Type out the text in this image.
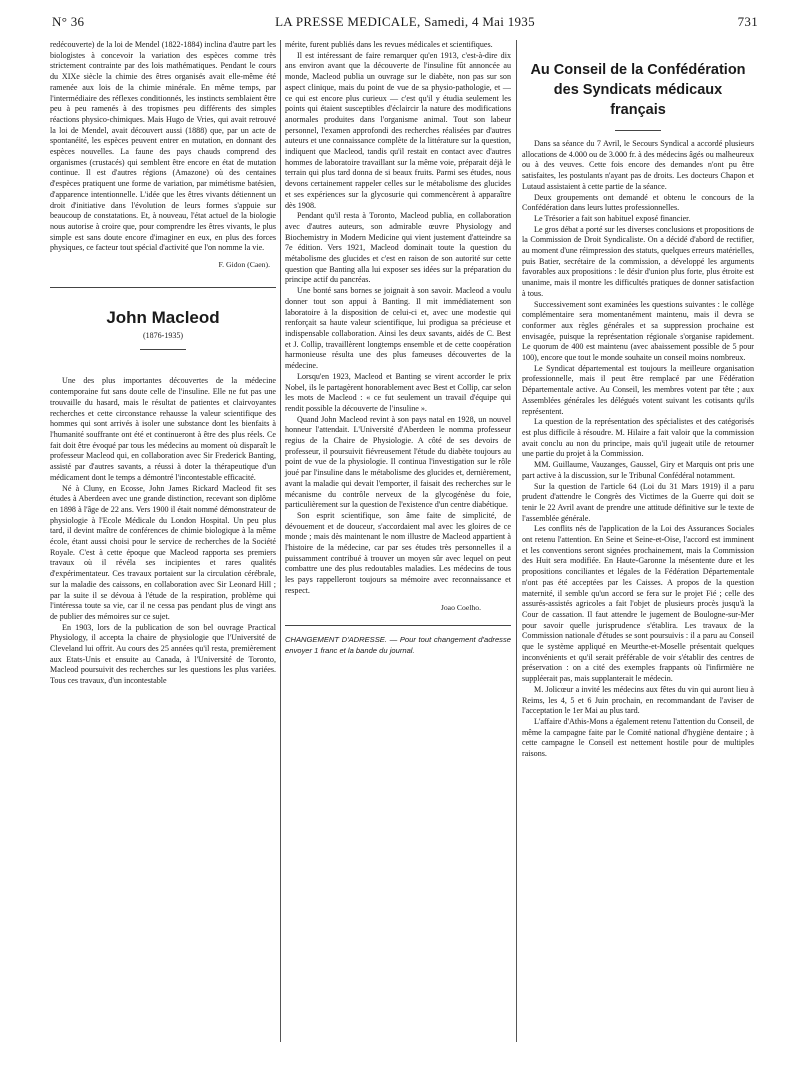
N° 36	LA PRESSE MEDICALE, Samedi, 4 Mai 1935	731

redécouverte) de la loi de Mendel (1822-1884) inclina d'autre part les biologistes à concevoir la variation des espèces comme très strictement contrainte par des lois mathématiques. Pendant le cours du XIXe siècle la chimie des êtres organisés avait elle-même été ramenée aux lois de la chimie minérale. En même temps, par l'intermédiaire des réflexes conditionnés, les instincts semblaient être peu à peu ramenés à des tropismes peu différents des simples réactions physico-chimiques. Mais Hugo de Vries, qui avait retrouvé la loi de Mendel, avait découvert aussi (1888) que, par un acte de spontanéité, les espèces peuvent entrer en mutation, en donnant des espèces nouvelles. La faune des pays chauds comprend des organismes (crustacés) qui semblent être encore en état de mutation continue. Il est d'autres régions (Amazone) où des centaines d'espèces pratiquent une forme de variation, par mimétisme batésien, d'apparence intentionnelle. L'idée que les êtres vivants détiennent un droit d'initiative dans l'évolution de leurs formes s'appuie sur beaucoup de constatations. Et, à nouveau, l'état actuel de la biologie nous autorise à croire que, pour comprendre les êtres vivants, le plus simple est sans doute encore d'imaginer en eux, en plus des forces physiques, ce facteur tout spécial d'activité que l'on nomme la vie.

F. Gidon (Caen).
John Macleod
(1876-1935)

Une des plus importantes découvertes de la médecine contemporaine fut sans doute celle de l'insuline. Elle ne fut pas une trouvaille du hasard, mais le résultat de patientes et clairvoyantes recherches et cette circonstance rehausse la valeur scientifique des hommes qui sont arrivés à isoler une substance dont les bienfaits à l'humanité souffrante ont été et continueront à être des plus réels. Ce fait doit être évoqué par tous les médecins au moment où disparaît le professeur Macleod qui, en collaboration avec Sir Frederick Banting, assisté par d'autres savants, a réussi à doter la thérapeutique d'un médicament dont le temps a démontré l'incontestable efficacité.

Né à Cluny, en Ecosse, John James Rickard Macleod fit ses études à Aberdeen avec une grande distinction, recevant son diplôme en 1898 à l'âge de 22 ans. Vers 1900 il était nommé démonstrateur de physiologie à l'Ecole Médicale du London Hospital. Un peu plus tard, il devint maître de conférences de chimie biologique à la même école, étant aussi choisi pour le service de recherches de la Société Royale. C'est à cette époque que Macleod rapporta ses premiers travaux où il révéla ses incipientes et rares qualités d'expérimentateur. Ces travaux portaient sur la circulation cérébrale, sur la maladie des caissons, en collaboration avec Sir Leonard Hill ; par la suite il se dévoua à l'étude de la respiration, problème qui l'intéressa toute sa vie, car il ne cessa pas pendant plus de vingt ans de publier des mémoires sur ce sujet.

En 1903, lors de la publication de son bel ouvrage Practical Physiology, il accepta la chaire de physiologie que l'Université de Cleveland lui offrit. Au cours des 25 années qu'il resta, premièrement aux Etats-Unis et ensuite au Canada, à l'Université de Toronto, Macleod poursuivit des recherches sur les questions les plus variées. Tous ces travaux, d'un incontestable

mérite, furent publiés dans les revues médicales et scientifiques.

Il est intéressant de faire remarquer qu'en 1913, c'est-à-dire dix ans environ avant que la découverte de l'insuline fût annoncée au monde, Macleod publia un ouvrage sur le diabète, non pas sur son aspect clinique, mais du point de vue de sa physio-pathologie, et — ce qui est encore plus curieux — c'est qu'il y étudia seulement les points qui étaient susceptibles d'éclaircir la nature des modifications anormales produites dans l'organisme animal. Tout son labeur personnel, l'examen approfondi des recherches réalisées par d'autres auteurs et une connaissance complète de la littérature sur la question, indiquent que Macleod, tandis qu'il restait en contact avec d'autres hommes de laboratoire travaillant sur la même voie, préparait déjà le terrain qui plus tard donna de si beaux fruits. Parmi ses études, nous devons certainement rappeler celles sur le métabolisme des glucides et ses expériences sur la glycosurie qui commencèrent à apparaître dès 1908.

Pendant qu'il resta à Toronto, Macleod publia, en collaboration avec d'autres auteurs, son admirable œuvre Physiology and Biochemistry in Modern Medicine qui vient justement d'atteindre sa 7e édition. Vers 1921, Macleod dominait toute la question du métabolisme des glucides et c'est en raison de son autorité sur cette question que Banting alla lui exposer ses idées sur la préparation du principe actif du pancréas.

Une bonté sans bornes se joignait à son savoir. Macleod a voulu donner tout son appui à Banting. Il mit immédiatement son laboratoire à la disposition de celui-ci et, avec une modestie qui renforçait sa haute valeur scientifique, lui prodigua sa précieuse et indispensable collaboration. Ainsi les deux savants, aidés de C. Best et J. Collip, travaillèrent longtemps ensemble et de cette coopération harmonieuse résulta une des plus fameuses découvertes de la médecine.

Lorsqu'en 1923, Macleod et Banting se virent accorder le prix Nobel, ils le partagèrent honorablement avec Best et Collip, car selon les mots de Macleod : « ce fut seulement un travail d'équipe qui rendit possible la découverte de l'insuline ».

Quand John Macleod revint à son pays natal en 1928, un nouvel honneur l'attendait. L'Université d'Aberdeen le nomma professeur regius de la Chaire de Physiologie. A côté de ses devoirs de professeur, il poursuivit fiévreusement l'étude du diabète toujours au point de vue de la physiologie. Il continua l'investigation sur le rôle joué par l'insuline dans le métabolisme des glucides et, dernièrement, avant la maladie qui devait l'emporter, il faisait des recherches sur le mécanisme du contrôle nerveux de la glycogénèse du foie, particulièrement sur la question de l'existence d'un centre diabétique.

Son esprit scientifique, son âme faite de simplicité, de dévouement et de douceur, s'accordaient mal avec les gloires de ce monde ; mais dès maintenant le nom illustre de Macleod appartient à l'histoire de la médecine, car par ses études très personnelles il a puissamment contribué à trouver un moyen sûr avec lequel on peut combattre une des plus redoutables maladies. Les médecins de tous les pays rappelleront toujours sa mémoire avec reconnaissance et respect.

Joao Coelho.
CHANGEMENT D'ADRESSE. — Pour tout changement d'adresse envoyer 1 franc et la bande du journal.
Au Conseil de la Confédération des Syndicats médicaux français

Dans sa séance du 7 Avril, le Secours Syndical a accordé plusieurs allocations de 4.000 ou de 3.000 fr. à des médecins âgés ou malheureux ou à des veuves. Cette fois encore des demandes n'ont pu être satisfaites, les postulants n'ayant pas de droits. Les docteurs Chapon et Lutaud assistaient à cette partie de la séance.

Deux groupements ont demandé et obtenu le concours de la Confédération dans leurs luttes professionnelles.

Le Trésorier a fait son habituel exposé financier.

Le gros débat a porté sur les diverses conclusions et propositions de la Commission de Droit Syndicaliste. On a décidé d'abord de rectifier, au moment d'une réimpression des statuts, quelques erreurs matérielles, puis Batier, secrétaire de la commission, a développé les arguments favorables aux propositions : le désir d'union plus forte, plus étroite est unanime, mais il montre les difficultés pratiques de donner satisfaction à tous.

Successivement sont examinées les questions suivantes : le collège complémentaire sera momentanément maintenu, mais il devra se conformer aux règles générales et sa suppression prochaine est envisagée, puisque la représentation régionale s'organise rapidement. Le quorum de 400 est maintenu (avec abaissement possible de 5 pour 100), encore que tout le monde souhaite un conseil moins nombreux.

Le Syndicat départemental est toujours la meilleure organisation professionnelle, mais il peut être remplacé par une Fédération Départementale active. Au Conseil, les membres votent par tête ; aux Assemblées générales les délégués votent suivant les cotisants qu'ils représentent.

La question de la représentation des spécialistes et des catégorisés est plus difficile à résoudre. M. Hilaire a fait valoir que la commission avait conclu au non du principe, mais qu'il jugeait utile de retourner une partie du projet à la Commission.

MM. Guillaume, Vauzanges, Gaussel, Giry et Marquis ont pris une part active à la discussion, sur le Tribunal Confédéral notamment.

Sur la question de l'article 64 (Loi du 31 Mars 1919) il a paru prudent d'attendre le Congrès des Victimes de la Guerre qui doit se tenir le 22 Avril avant de prendre une attitude définitive sur le texte de l'assemblée générale.

Les conflits nés de l'application de la Loi des Assurances Sociales ont retenu l'attention. En Seine et Seine-et-Oise, l'accord est imminent et les conventions seront signées prochainement, mais la Commission des Huit sera modifiée. En Haute-Garonne la mésentente dure et les propositions conciliantes et légales de la Fédération Départementale n'ont pas été acceptées par les Caisses. A propos de la question maternité, il semble qu'un accord se fera sur le projet Fié ; celle des assurés-assistés agricoles a fait l'objet de plusieurs procès jusqu'à la Cour de cassation. Il faut attendre le jugement de Boulogne-sur-Mer pour savoir quelle jurisprudence s'établira. Les travaux de la Commission nationale d'études se sont poursuivis : il a paru au Conseil que le système appliqué en Meurthe-et-Moselle présentait quelques inconvénients et qu'il serait préférable de voir s'établir des centres de préservation : on a cité des exemples frappants où l'infirmière ne suppléerait pas, mais supplanterait le médecin.

M. Jolicœur a invité les médecins aux fêtes du vin qui auront lieu à Reims, les 4, 5 et 6 Juin prochain, en recommandant de l'aviser de l'acceptation le 1er Mai au plus tard.

L'affaire d'Athis-Mons a également retenu l'attention du Conseil, de même la campagne faite par le Comité national d'hygiène dentaire ; à cette campagne le Conseil est nettement hostile pour de multiples raisons.
